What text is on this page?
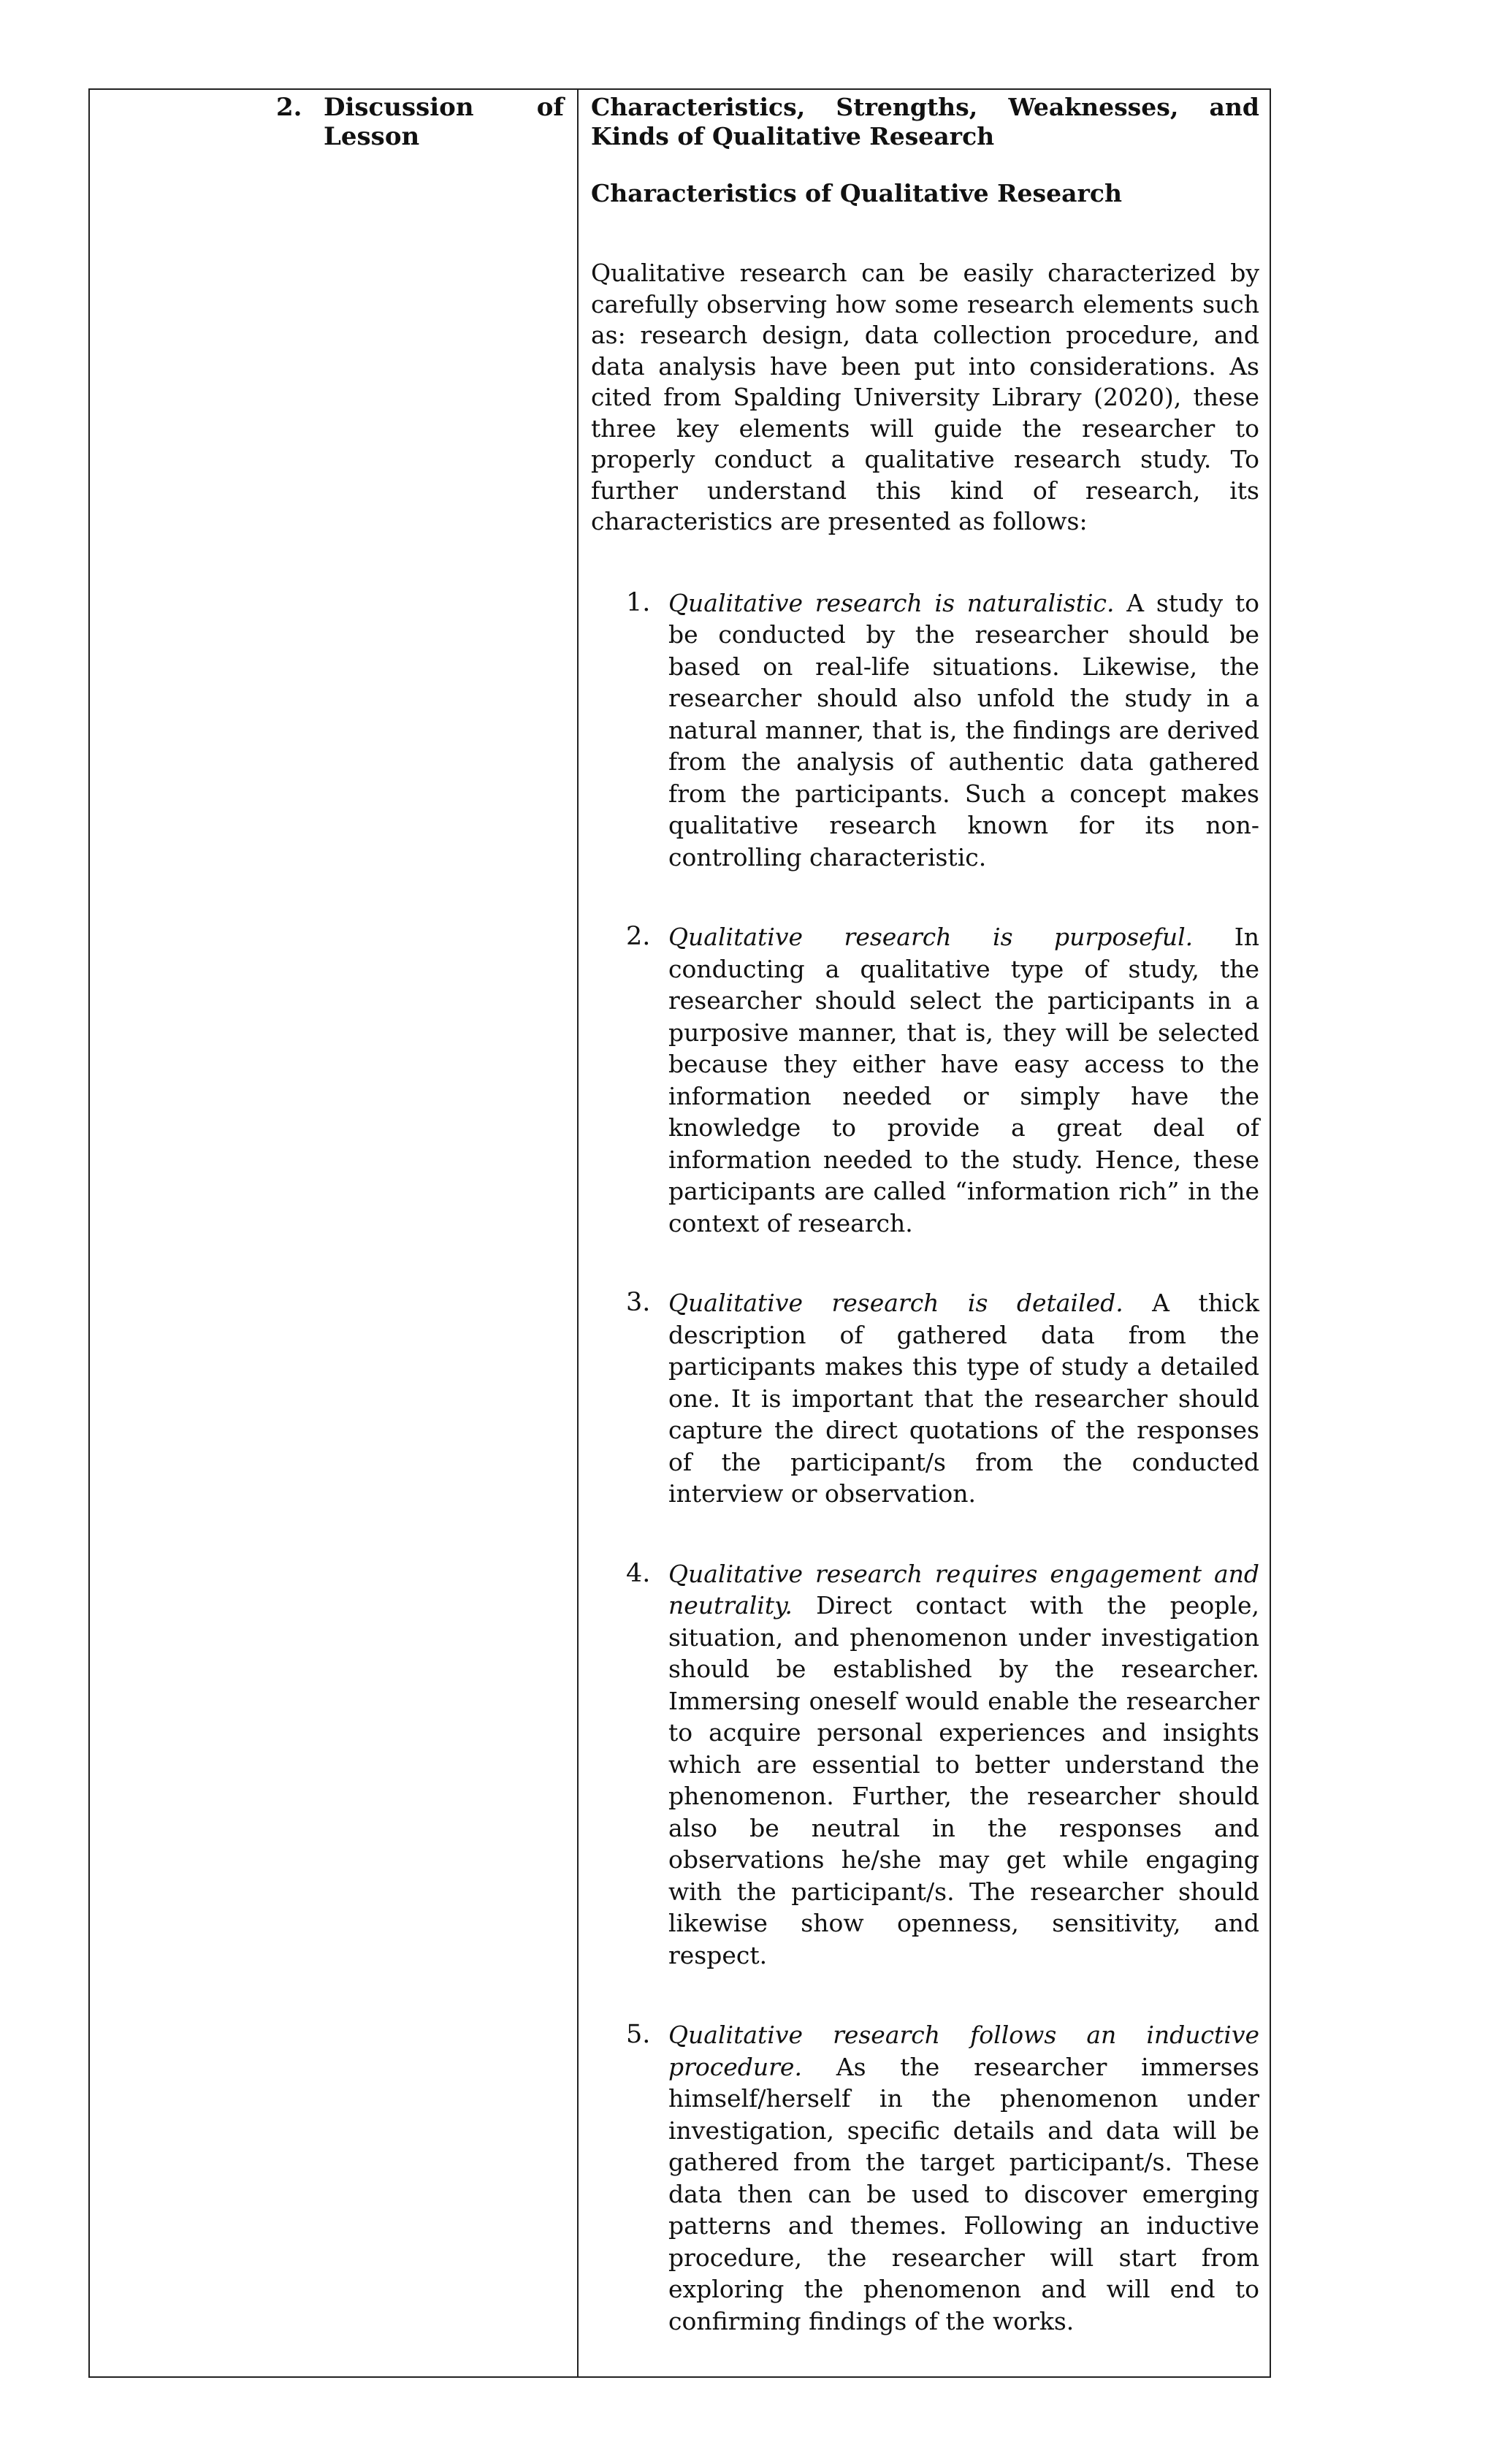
2. Discussion of
Lesson

Characteristics, Strengths, Weaknesses, and Kinds of Qualitative Research

Characteristics of Qualitative Research

Qualitative research can be easily characterized by carefully observing how some research elements such as: research design, data collection procedure, and data analysis have been put into considerations. As cited from Spalding University Library (2020), these three key elements will guide the researcher to properly conduct a qualitative research study. To further understand this kind of research, its characteristics are presented as follows:

1. Qualitative research is naturalistic. A study to be conducted by the researcher should be based on real-life situations. Likewise, the researcher should also unfold the study in a natural manner, that is, the findings are derived from the analysis of authentic data gathered from the participants. Such a concept makes qualitative research known for its non-controlling characteristic.
2. Qualitative research is purposeful. In conducting a qualitative type of study, the researcher should select the participants in a purposive manner, that is, they will be selected because they either have easy access to the information needed or simply have the knowledge to provide a great deal of information needed to the study. Hence, these participants are called “information rich” in the context of research.
3. Qualitative research is detailed. A thick description of gathered data from the participants makes this type of study a detailed one. It is important that the researcher should capture the direct quotations of the responses of the participant/s from the conducted interview or observation.
4. Qualitative research requires engagement and neutrality. Direct contact with the people, situation, and phenomenon under investigation should be established by the researcher. Immersing oneself would enable the researcher to acquire personal experiences and insights which are essential to better understand the phenomenon. Further, the researcher should also be neutral in the responses and observations he/she may get while engaging with the participant/s. The researcher should likewise show openness, sensitivity, and respect.
5. Qualitative research follows an inductive procedure. As the researcher immerses himself/herself in the phenomenon under investigation, specific details and data will be gathered from the target participant/s. These data then can be used to discover emerging patterns and themes. Following an inductive procedure, the researcher will start from exploring the phenomenon and will end to confirming findings of the works.
